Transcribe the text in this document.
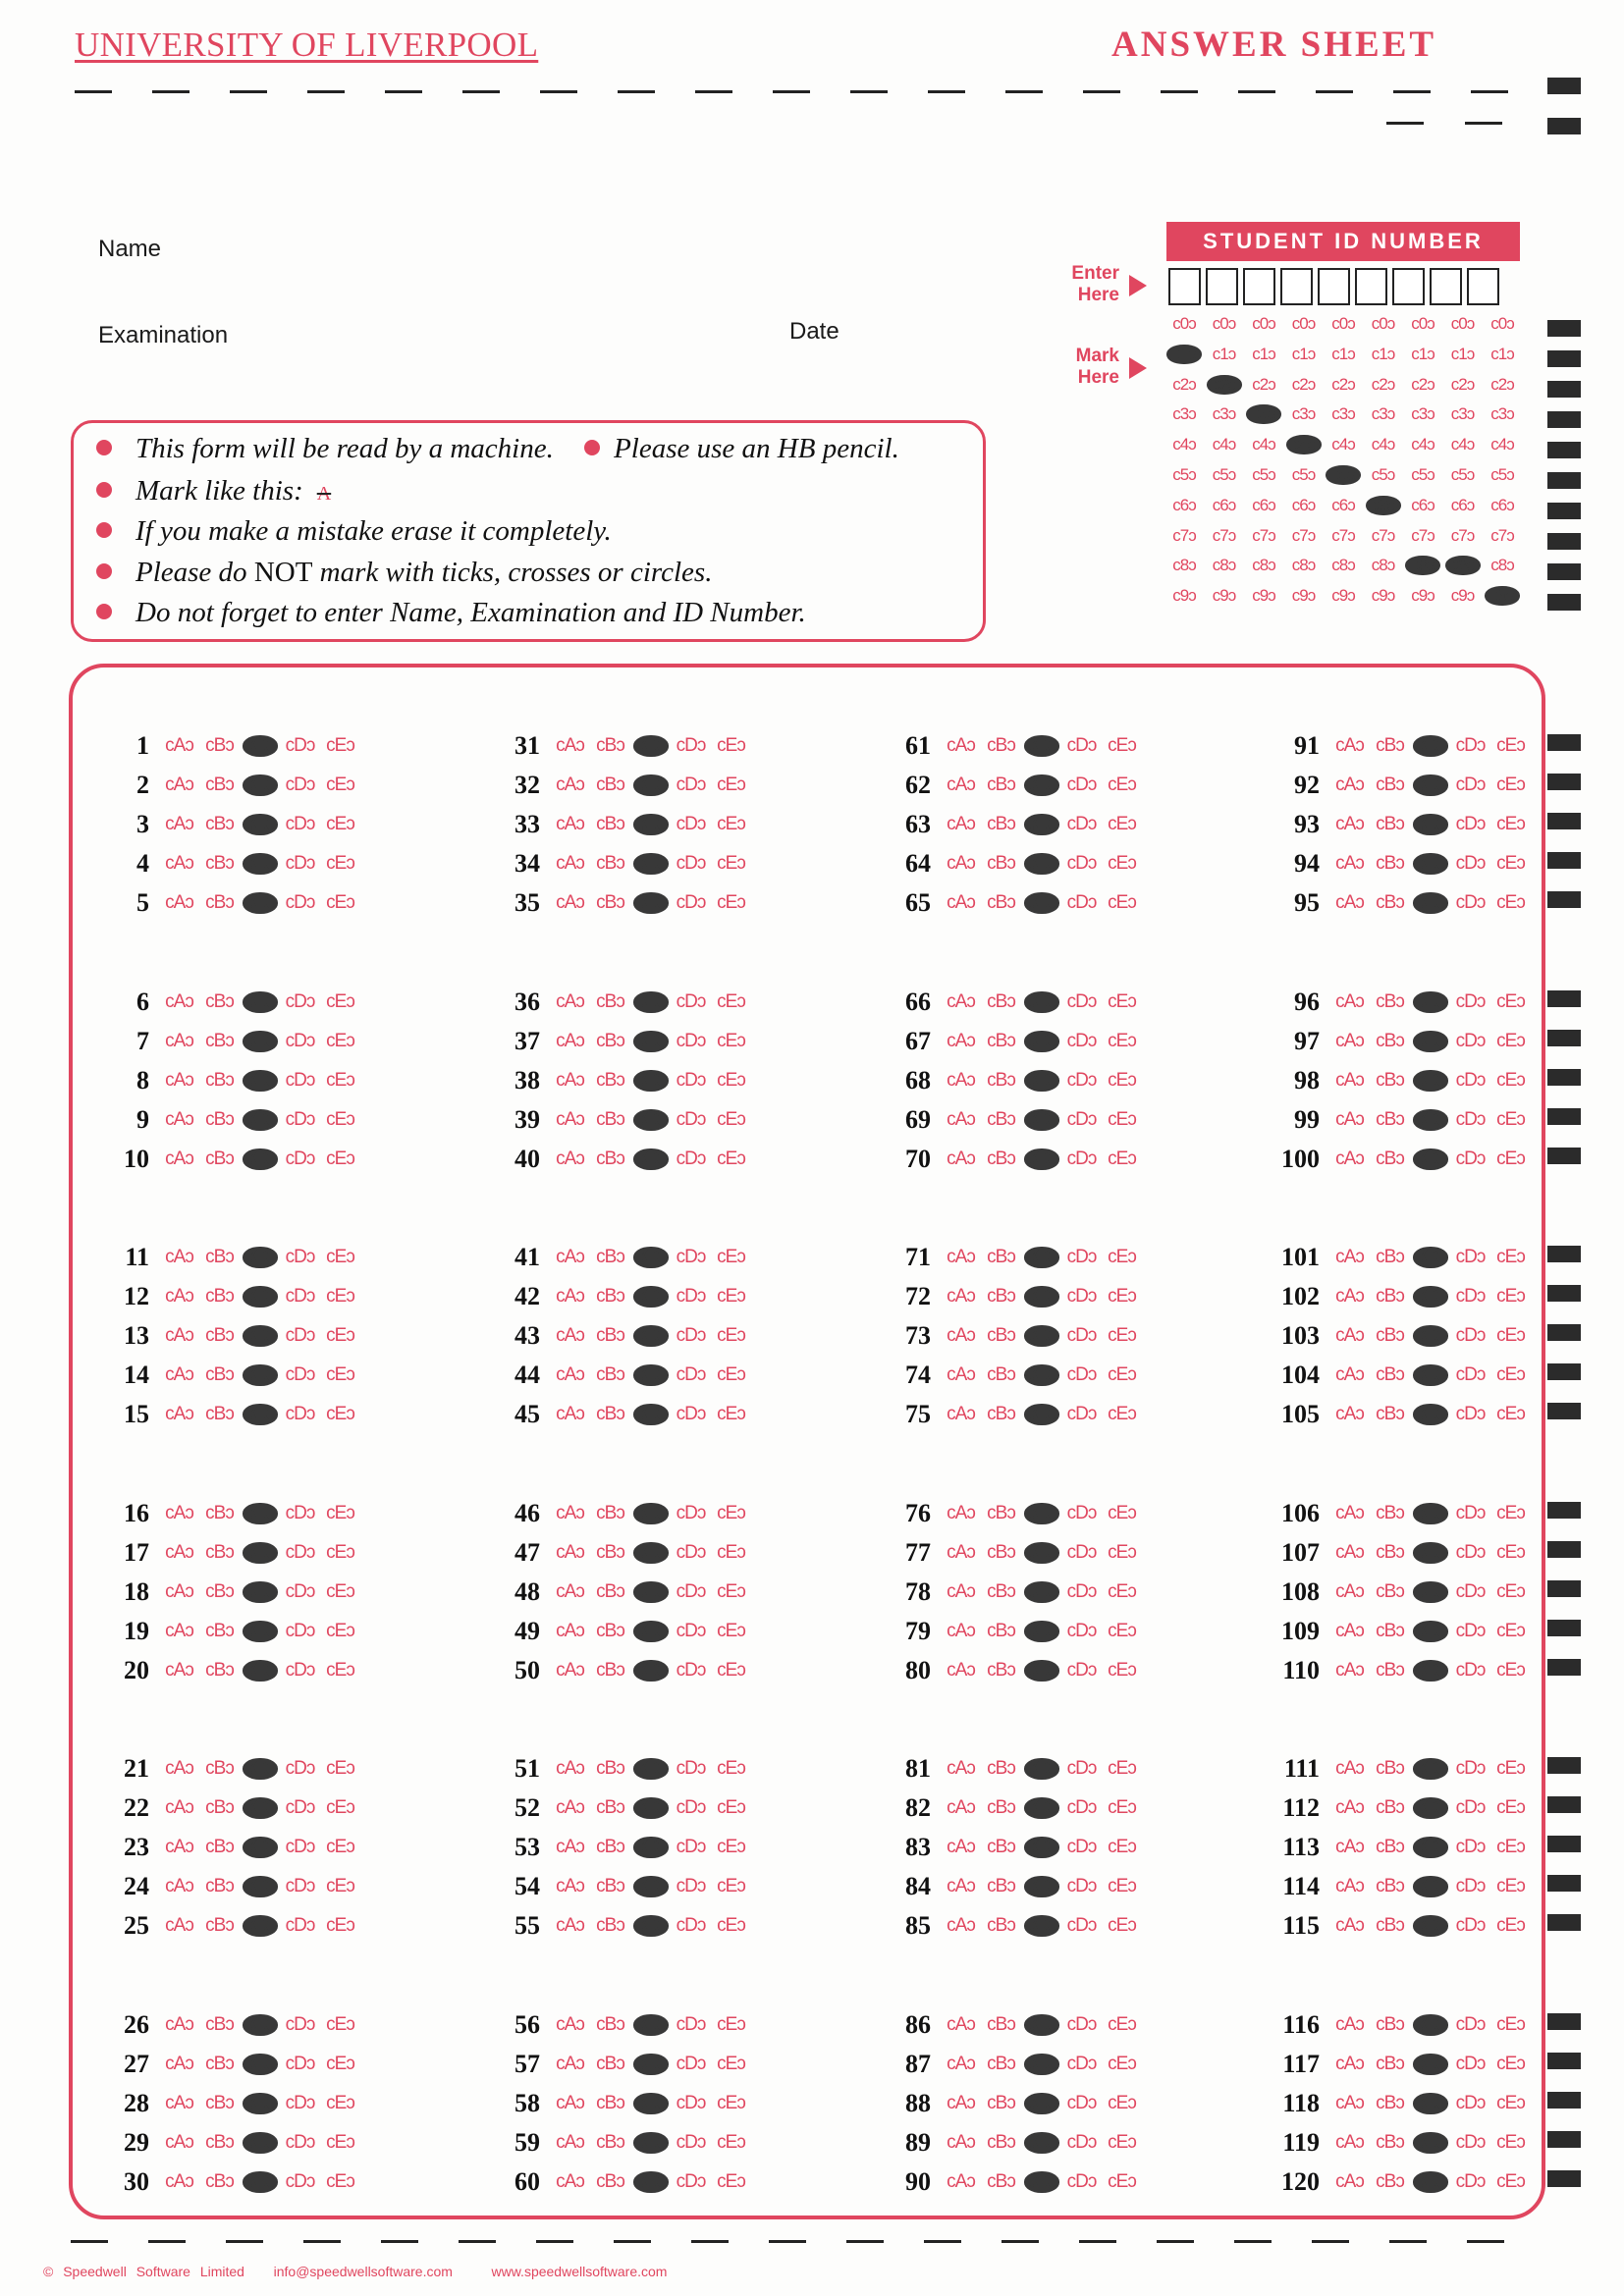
UNIVERSITY OF LIVERPOOL	ANSWER SHEET
Name
Examination	Date
Enter Here
Mark Here
STUDENT ID NUMBER
c0ɔ	c0ɔ	c0ɔ	c0ɔ	c0ɔ	c0ɔ	c0ɔ	c0ɔ	c0ɔ
c1ɔ	c1ɔ	c1ɔ	c1ɔ	c1ɔ	c1ɔ	c1ɔ	c1ɔ	c1ɔ
c2ɔ	c2ɔ	c2ɔ	c2ɔ	c2ɔ	c2ɔ	c2ɔ	c2ɔ	c2ɔ
c3ɔ	c3ɔ	c3ɔ	c3ɔ	c3ɔ	c3ɔ	c3ɔ	c3ɔ	c3ɔ
c4ɔ	c4ɔ	c4ɔ	c4ɔ	c4ɔ	c4ɔ	c4ɔ	c4ɔ	c4ɔ
c5ɔ	c5ɔ	c5ɔ	c5ɔ	c5ɔ	c5ɔ	c5ɔ	c5ɔ	c5ɔ
c6ɔ	c6ɔ	c6ɔ	c6ɔ	c6ɔ	c6ɔ	c6ɔ	c6ɔ	c6ɔ
c7ɔ	c7ɔ	c7ɔ	c7ɔ	c7ɔ	c7ɔ	c7ɔ	c7ɔ	c7ɔ
c8ɔ	c8ɔ	c8ɔ	c8ɔ	c8ɔ	c8ɔ	c8ɔ	c8ɔ	c8ɔ
c9ɔ	c9ɔ	c9ɔ	c9ɔ	c9ɔ	c9ɔ	c9ɔ	c9ɔ	c9ɔ
This form will be read by a machine. Please use an HB pencil.
Mark like this: A
If you make a mistake erase it completely.
Please do NOT mark with ticks, crosses or circles.
Do not forget to enter Name, Examination and ID Number.
1 cAɔ cBɔ cCɔ cDɔ cEɔ
2 cAɔ cBɔ cCɔ cDɔ cEɔ
3 cAɔ cBɔ cCɔ cDɔ cEɔ
4 cAɔ cBɔ cCɔ cDɔ cEɔ
5 cAɔ cBɔ cCɔ cDɔ cEɔ
6 cAɔ cBɔ cCɔ cDɔ cEɔ
7 cAɔ cBɔ cCɔ cDɔ cEɔ
8 cAɔ cBɔ cCɔ cDɔ cEɔ
9 cAɔ cBɔ cCɔ cDɔ cEɔ
10 cAɔ cBɔ cCɔ cDɔ cEɔ
11 cAɔ cBɔ cCɔ cDɔ cEɔ
12 cAɔ cBɔ cCɔ cDɔ cEɔ
13 cAɔ cBɔ cCɔ cDɔ cEɔ
14 cAɔ cBɔ cCɔ cDɔ cEɔ
15 cAɔ cBɔ cCɔ cDɔ cEɔ
16 cAɔ cBɔ cCɔ cDɔ cEɔ
17 cAɔ cBɔ cCɔ cDɔ cEɔ
18 cAɔ cBɔ cCɔ cDɔ cEɔ
19 cAɔ cBɔ cCɔ cDɔ cEɔ
20 cAɔ cBɔ cCɔ cDɔ cEɔ
21 cAɔ cBɔ cCɔ cDɔ cEɔ
22 cAɔ cBɔ cCɔ cDɔ cEɔ
23 cAɔ cBɔ cCɔ cDɔ cEɔ
24 cAɔ cBɔ cCɔ cDɔ cEɔ
25 cAɔ cBɔ cCɔ cDɔ cEɔ
26 cAɔ cBɔ cCɔ cDɔ cEɔ
27 cAɔ cBɔ cCɔ cDɔ cEɔ
28 cAɔ cBɔ cCɔ cDɔ cEɔ
29 cAɔ cBɔ cCɔ cDɔ cEɔ
30 cAɔ cBɔ cCɔ cDɔ cEɔ
31 cAɔ cBɔ cCɔ cDɔ cEɔ
32 cAɔ cBɔ cCɔ cDɔ cEɔ
33 cAɔ cBɔ cCɔ cDɔ cEɔ
34 cAɔ cBɔ cCɔ cDɔ cEɔ
35 cAɔ cBɔ cCɔ cDɔ cEɔ
36 cAɔ cBɔ cCɔ cDɔ cEɔ
37 cAɔ cBɔ cCɔ cDɔ cEɔ
38 cAɔ cBɔ cCɔ cDɔ cEɔ
39 cAɔ cBɔ cCɔ cDɔ cEɔ
40 cAɔ cBɔ cCɔ cDɔ cEɔ
41 cAɔ cBɔ cCɔ cDɔ cEɔ
42 cAɔ cBɔ cCɔ cDɔ cEɔ
43 cAɔ cBɔ cCɔ cDɔ cEɔ
44 cAɔ cBɔ cCɔ cDɔ cEɔ
45 cAɔ cBɔ cCɔ cDɔ cEɔ
46 cAɔ cBɔ cCɔ cDɔ cEɔ
47 cAɔ cBɔ cCɔ cDɔ cEɔ
48 cAɔ cBɔ cCɔ cDɔ cEɔ
49 cAɔ cBɔ cCɔ cDɔ cEɔ
50 cAɔ cBɔ cCɔ cDɔ cEɔ
51 cAɔ cBɔ cCɔ cDɔ cEɔ
52 cAɔ cBɔ cCɔ cDɔ cEɔ
53 cAɔ cBɔ cCɔ cDɔ cEɔ
54 cAɔ cBɔ cCɔ cDɔ cEɔ
55 cAɔ cBɔ cCɔ cDɔ cEɔ
56 cAɔ cBɔ cCɔ cDɔ cEɔ
57 cAɔ cBɔ cCɔ cDɔ cEɔ
58 cAɔ cBɔ cCɔ cDɔ cEɔ
59 cAɔ cBɔ cCɔ cDɔ cEɔ
60 cAɔ cBɔ cCɔ cDɔ cEɔ
61 cAɔ cBɔ cCɔ cDɔ cEɔ
62 cAɔ cBɔ cCɔ cDɔ cEɔ
63 cAɔ cBɔ cCɔ cDɔ cEɔ
64 cAɔ cBɔ cCɔ cDɔ cEɔ
65 cAɔ cBɔ cCɔ cDɔ cEɔ
66 cAɔ cBɔ cCɔ cDɔ cEɔ
67 cAɔ cBɔ cCɔ cDɔ cEɔ
68 cAɔ cBɔ cCɔ cDɔ cEɔ
69 cAɔ cBɔ cCɔ cDɔ cEɔ
70 cAɔ cBɔ cCɔ cDɔ cEɔ
71 cAɔ cBɔ cCɔ cDɔ cEɔ
72 cAɔ cBɔ cCɔ cDɔ cEɔ
73 cAɔ cBɔ cCɔ cDɔ cEɔ
74 cAɔ cBɔ cCɔ cDɔ cEɔ
75 cAɔ cBɔ cCɔ cDɔ cEɔ
76 cAɔ cBɔ cCɔ cDɔ cEɔ
77 cAɔ cBɔ cCɔ cDɔ cEɔ
78 cAɔ cBɔ cCɔ cDɔ cEɔ
79 cAɔ cBɔ cCɔ cDɔ cEɔ
80 cAɔ cBɔ cCɔ cDɔ cEɔ
81 cAɔ cBɔ cCɔ cDɔ cEɔ
82 cAɔ cBɔ cCɔ cDɔ cEɔ
83 cAɔ cBɔ cCɔ cDɔ cEɔ
84 cAɔ cBɔ cCɔ cDɔ cEɔ
85 cAɔ cBɔ cCɔ cDɔ cEɔ
86 cAɔ cBɔ cCɔ cDɔ cEɔ
87 cAɔ cBɔ cCɔ cDɔ cEɔ
88 cAɔ cBɔ cCɔ cDɔ cEɔ
89 cAɔ cBɔ cCɔ cDɔ cEɔ
90 cAɔ cBɔ cCɔ cDɔ cEɔ
91 cAɔ cBɔ cCɔ cDɔ cEɔ
92 cAɔ cBɔ cCɔ cDɔ cEɔ
93 cAɔ cBɔ cCɔ cDɔ cEɔ
94 cAɔ cBɔ cCɔ cDɔ cEɔ
95 cAɔ cBɔ cCɔ cDɔ cEɔ
96 cAɔ cBɔ cCɔ cDɔ cEɔ
97 cAɔ cBɔ cCɔ cDɔ cEɔ
98 cAɔ cBɔ cCɔ cDɔ cEɔ
99 cAɔ cBɔ cCɔ cDɔ cEɔ
100 cAɔ cBɔ cCɔ cDɔ cEɔ
101 cAɔ cBɔ cCɔ cDɔ cEɔ
102 cAɔ cBɔ cCɔ cDɔ cEɔ
103 cAɔ cBɔ cCɔ cDɔ cEɔ
104 cAɔ cBɔ cCɔ cDɔ cEɔ
105 cAɔ cBɔ cCɔ cDɔ cEɔ
106 cAɔ cBɔ cCɔ cDɔ cEɔ
107 cAɔ cBɔ cCɔ cDɔ cEɔ
108 cAɔ cBɔ cCɔ cDɔ cEɔ
109 cAɔ cBɔ cCɔ cDɔ cEɔ
110 cAɔ cBɔ cCɔ cDɔ cEɔ
111 cAɔ cBɔ cCɔ cDɔ cEɔ
112 cAɔ cBɔ cCɔ cDɔ cEɔ
113 cAɔ cBɔ cCɔ cDɔ cEɔ
114 cAɔ cBɔ cCɔ cDɔ cEɔ
115 cAɔ cBɔ cCɔ cDɔ cEɔ
116 cAɔ cBɔ cCɔ cDɔ cEɔ
117 cAɔ cBɔ cCɔ cDɔ cEɔ
118 cAɔ cBɔ cCɔ cDɔ cEɔ
119 cAɔ cBɔ cCɔ cDɔ cEɔ
120 cAɔ cBɔ cCɔ cDɔ cEɔ
© Speedwell Software Limited info@speedwellsoftware.com	www.speedwellsoftware.com
